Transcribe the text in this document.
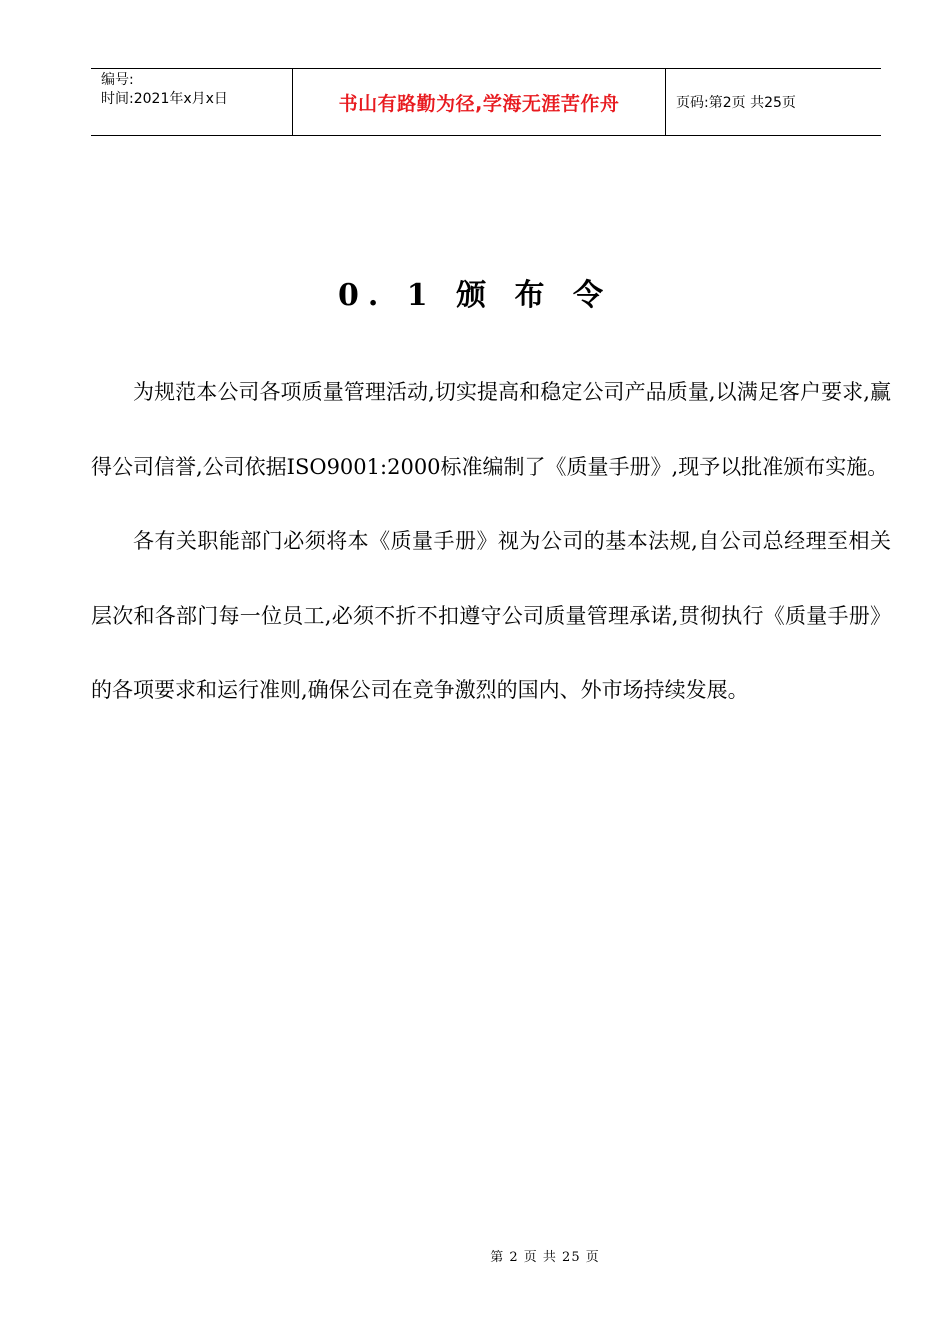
编号:
时间:2021年x月x日	书山有路勤为径,学海无涯苦作舟	页码:第2页 共25页
0. 1 颁 布 令

为规范本公司各项质量管理活动,切实提高和稳定公司产品质量,以满足客户要求,赢得公司信誉,公司依据ISO9001:2000标准编制了《质量手册》,现予以批准颁布实施。

各有关职能部门必须将本《质量手册》视为公司的基本法规,自公司总经理至相关层次和各部门每一位员工,必须不折不扣遵守公司质量管理承诺,贯彻执行《质量手册》的各项要求和运行准则,确保公司在竞争激烈的国内、外市场持续发展。

第 2 页 共 25 页
